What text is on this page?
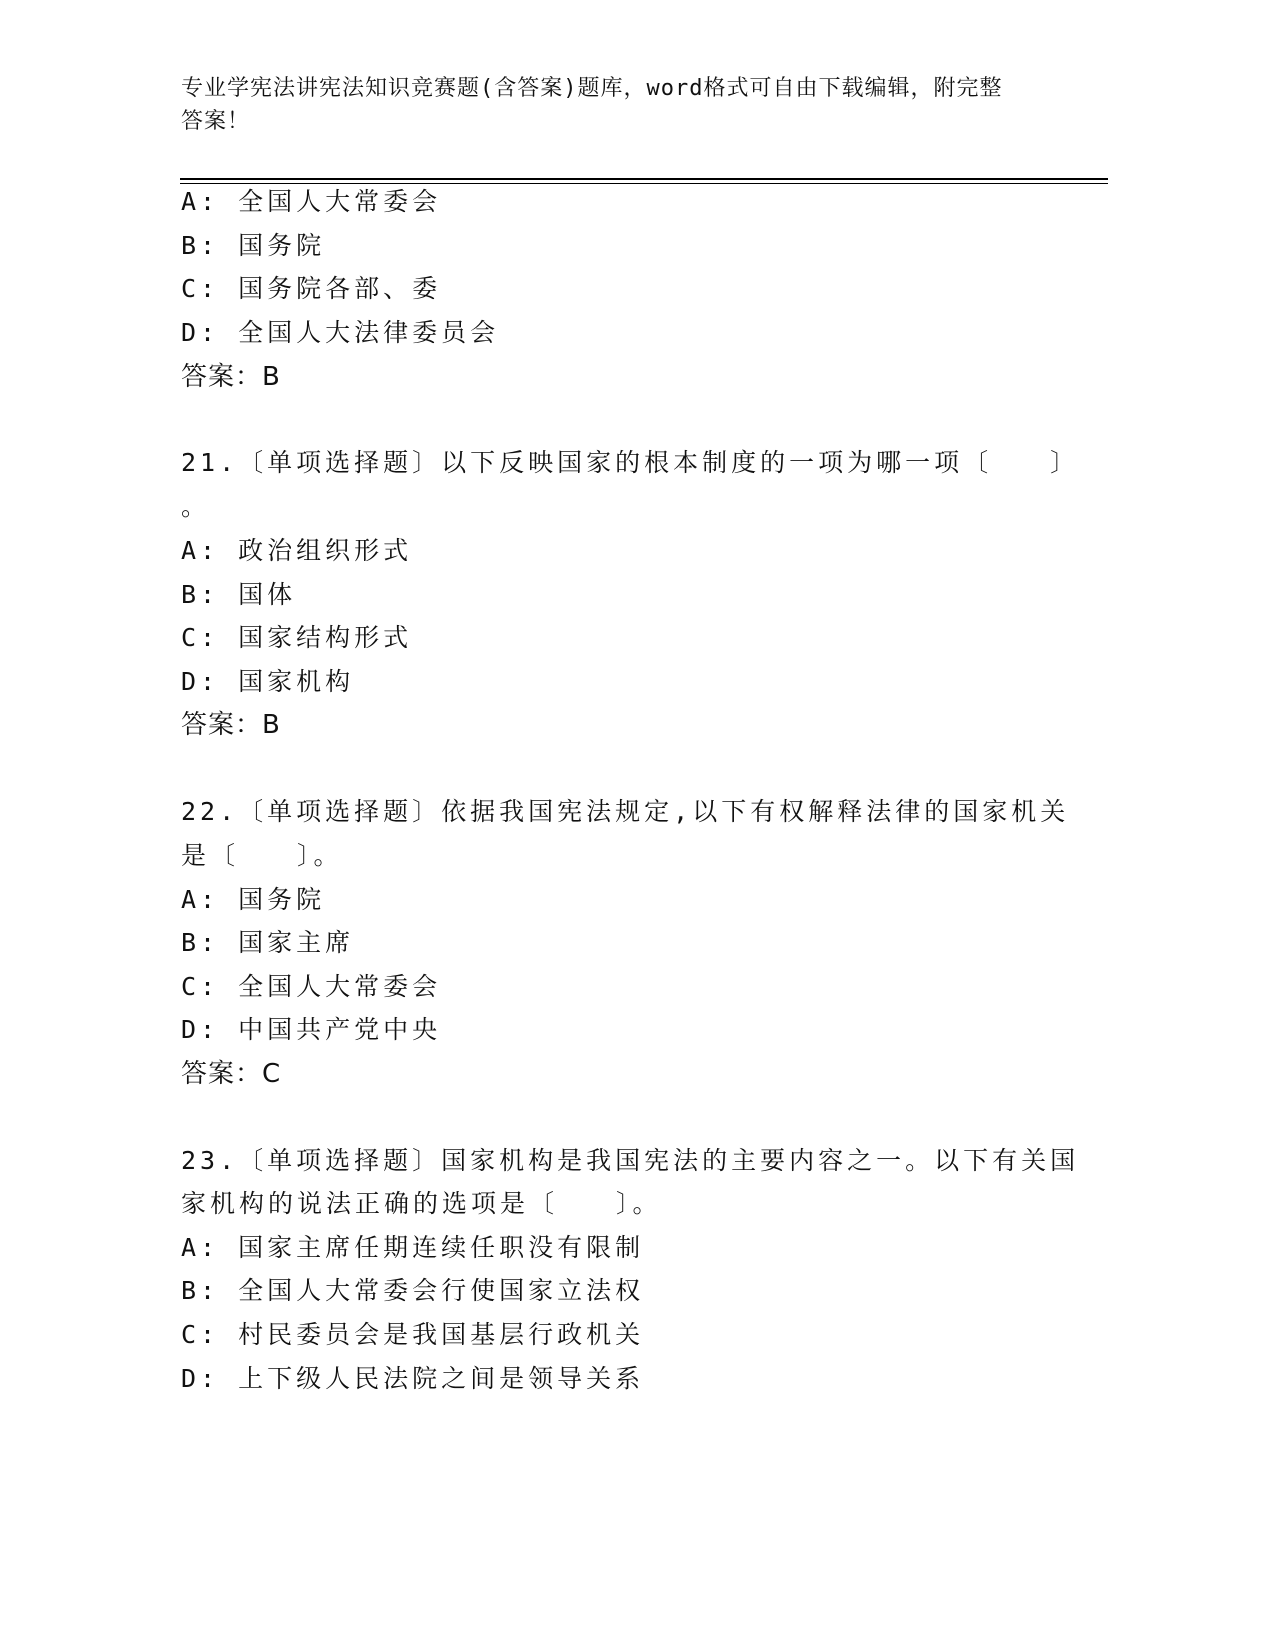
专业学宪法讲宪法知识竞赛题(含答案)题库，word格式可自由下载编辑，附完整
答案！
A: 全国人大常委会
B: 国务院
C: 国务院各部、委
D: 全国人大法律委员会
答案：B
21.〔单项选择题〕以下反映国家的根本制度的一项为哪一项〔　　〕
。
A: 政治组织形式
B: 国体
C: 国家结构形式
D: 国家机构
答案：B
22.〔单项选择题〕依据我国宪法规定,以下有权解释法律的国家机关
是〔　　〕。
A: 国务院
B: 国家主席
C: 全国人大常委会
D: 中国共产党中央
答案：C
23.〔单项选择题〕国家机构是我国宪法的主要内容之一。以下有关国
家机构的说法正确的选项是〔　　〕。
A: 国家主席任期连续任职没有限制
B: 全国人大常委会行使国家立法权
C: 村民委员会是我国基层行政机关
D: 上下级人民法院之间是领导关系
